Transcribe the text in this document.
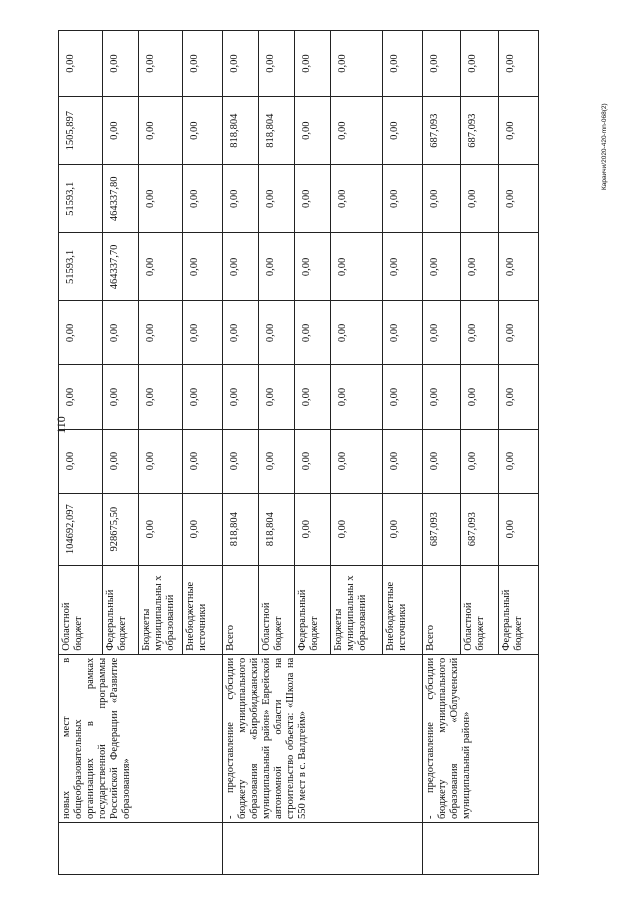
110
Караичи/2020-420-mn-068(2)
	новых мест в общеобразовательных организациях в рамках государственной программы Российской Федерации «Развитие образования»	Областной бюджет	104692,097	0,00	0,00	0,00	51593,1	51593,1	1505,897	0,00
		Федеральный бюджет	928675,50	0,00	0,00	0,00	464337,70	464337,80	0,00	0,00
		Бюджеты муниципальны х образований	0,00	0,00	0,00	0,00	0,00	0,00	0,00	0,00
		Внебюджетные источники	0,00	0,00	0,00	0,00	0,00	0,00	0,00	0,00
	- предоставление субсидии бюджету муниципального образования «Биробиджанский муниципальный район» Еврейской автономной области на строительство объекта: «Школа на 550 мест в с. Валдгейм»	Всего	818,804	0,00	0,00	0,00	0,00	0,00	818,804	0,00
		Областной бюджет	818,804	0,00	0,00	0,00	0,00	0,00	818,804	0,00
		Федеральный бюджет	0,00	0,00	0,00	0,00	0,00	0,00	0,00	0,00
		Бюджеты муниципальны х образований	0,00	0,00	0,00	0,00	0,00	0,00	0,00	0,00
		Внебюджетные источники	0,00	0,00	0,00	0,00	0,00	0,00	0,00	0,00
	- предоставление субсидии бюджету муниципального образования «Облученский муниципальный район»	Всего	687,093	0,00	0,00	0,00	0,00	0,00	687,093	0,00
		Областной бюджет	687,093	0,00	0,00	0,00	0,00	0,00	687,093	0,00
		Федеральный бюджет	0,00	0,00	0,00	0,00	0,00	0,00	0,00	0,00
